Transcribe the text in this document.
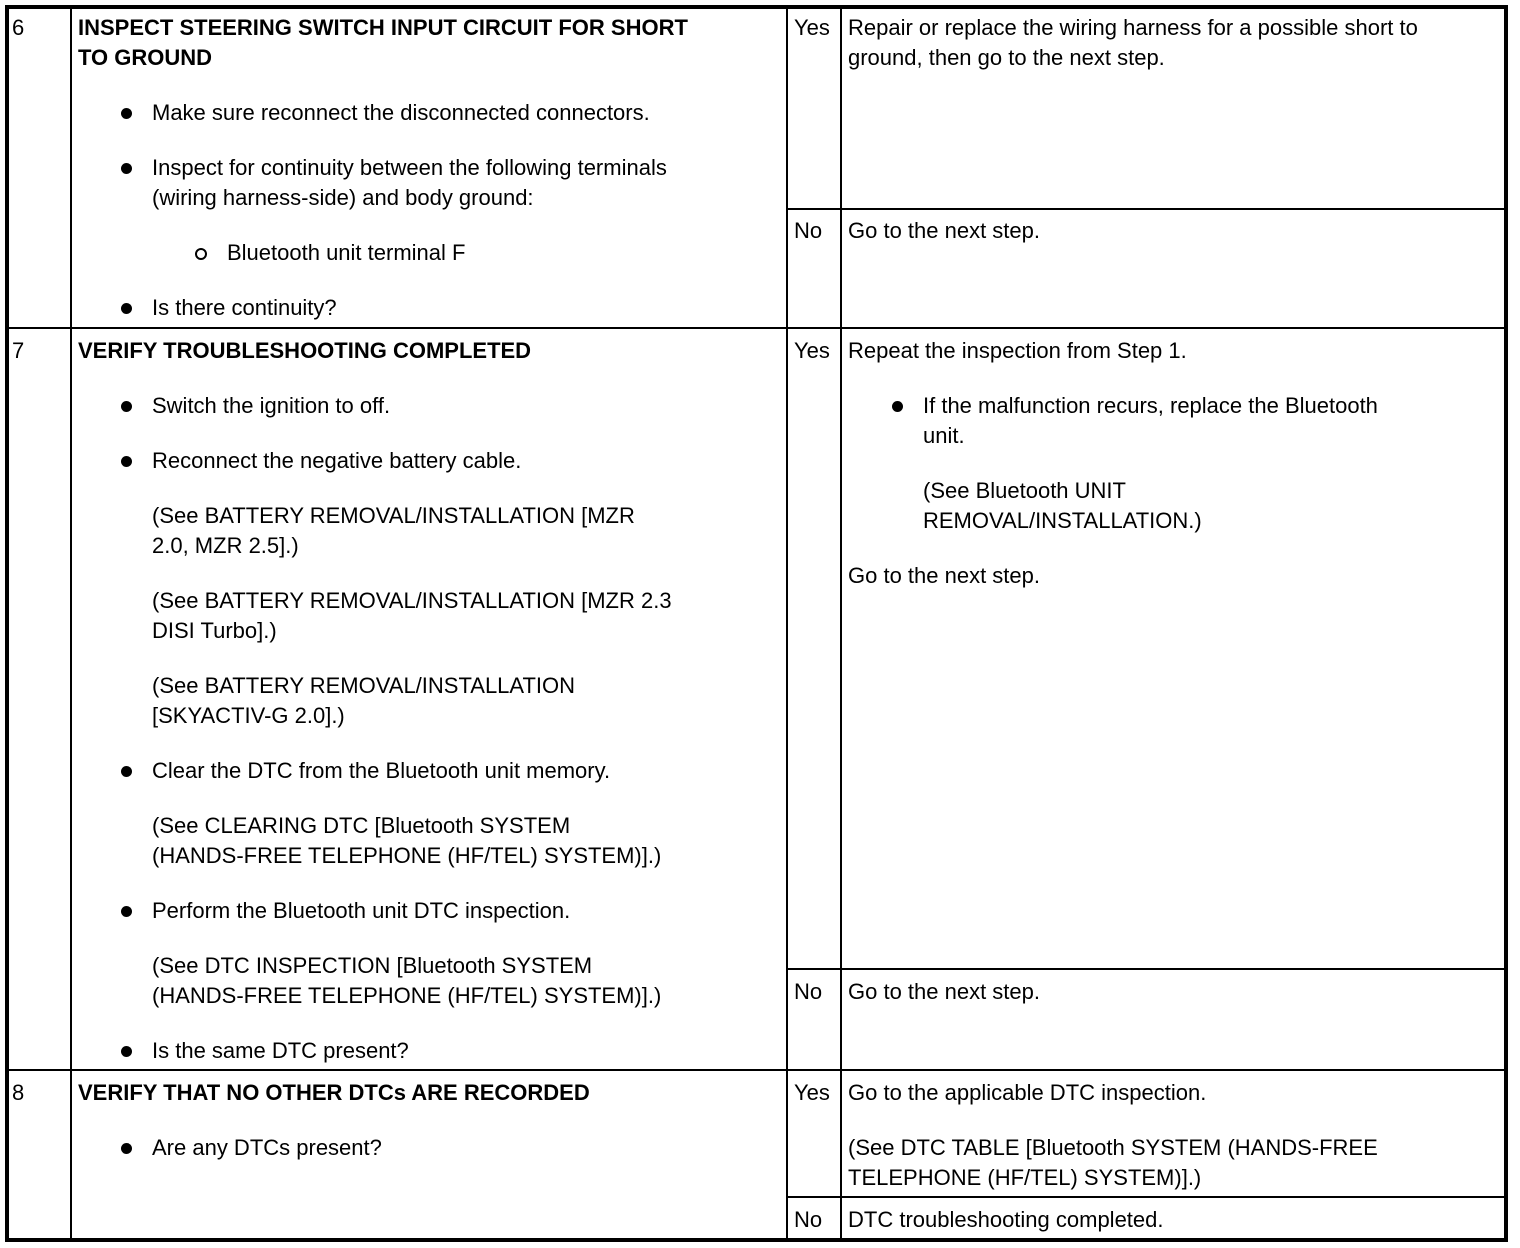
6 INSPECT STEERING SWITCH INPUT CIRCUIT FOR SHORT
TO GROUND
Make sure reconnect the disconnected connectors.
Inspect for continuity between the following terminals
(wiring harness-side) and body ground:
Bluetooth unit terminal F
Is there continuity?
Yes Repair or replace the wiring harness for a possible short to
ground, then go to the next step.
No Go to the next step.
7 VERIFY TROUBLESHOOTING COMPLETED
Switch the ignition to off.
Reconnect the negative battery cable.
(See BATTERY REMOVAL/INSTALLATION [MZR
2.0, MZR 2.5].)
(See BATTERY REMOVAL/INSTALLATION [MZR 2.3
DISI Turbo].)
(See BATTERY REMOVAL/INSTALLATION
[SKYACTIV-G 2.0].)
Clear the DTC from the Bluetooth unit memory.
(See CLEARING DTC [Bluetooth SYSTEM
(HANDS-FREE TELEPHONE (HF/TEL) SYSTEM)].)
Perform the Bluetooth unit DTC inspection.
(See DTC INSPECTION [Bluetooth SYSTEM
(HANDS-FREE TELEPHONE (HF/TEL) SYSTEM)].)
Is the same DTC present?
Yes Repeat the inspection from Step 1.
If the malfunction recurs, replace the Bluetooth
unit.
(See Bluetooth UNIT
REMOVAL/INSTALLATION.)
Go to the next step.
No Go to the next step.
8 VERIFY THAT NO OTHER DTCs ARE RECORDED
Are any DTCs present?
Yes Go to the applicable DTC inspection.
(See DTC TABLE [Bluetooth SYSTEM (HANDS-FREE
TELEPHONE (HF/TEL) SYSTEM)].)
No DTC troubleshooting completed.
